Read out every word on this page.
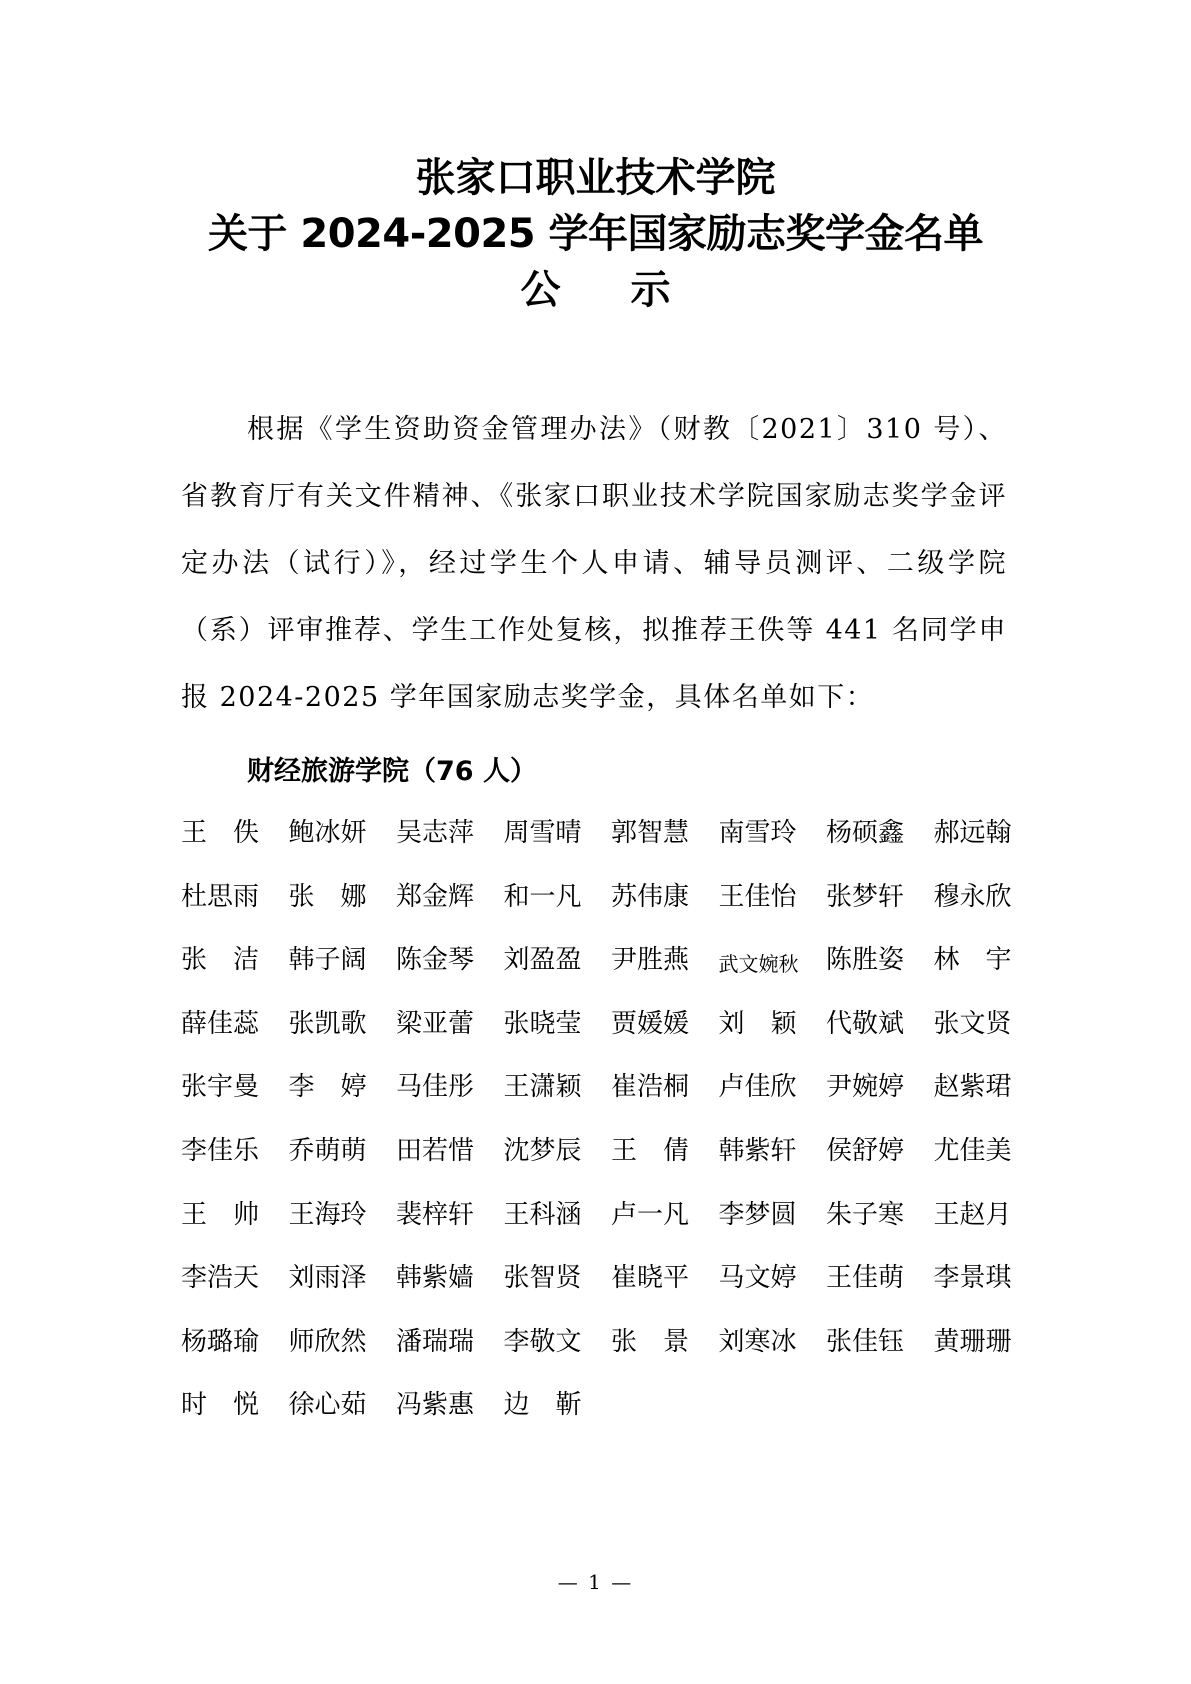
张家口职业技术学院
关于 2024-2025 学年国家励志奖学金名单
公 示
根据《学生资助资金管理办法》（财教〔2021〕310 号）、省教育厅有关文件精神、《张家口职业技术学院国家励志奖学金评定办法（试行）》，经过学生个人申请、辅导员测评、二级学院（系）评审推荐、学生工作处复核，拟推荐王佚等 441 名同学申报 2024-2025 学年国家励志奖学金，具体名单如下：
财经旅游学院（76 人）
王　佚	鲍冰妍	吴志萍	周雪晴	郭智慧	南雪玲	杨硕鑫	郝远翰
杜思雨	张　娜	郑金辉	和一凡	苏伟康	王佳怡	张梦轩	穆永欣
张　洁	韩子阔	陈金琴	刘盈盈	尹胜燕	武文婉秋	陈胜姿	林　宇
薛佳蕊	张凯歌	梁亚蕾	张晓莹	贾媛媛	刘　颖	代敬斌	张文贤
张宇曼	李　婷	马佳彤	王潇颖	崔浩桐	卢佳欣	尹婉婷	赵紫珺
李佳乐	乔萌萌	田若惜	沈梦辰	王　倩	韩紫轩	侯舒婷	尤佳美
王　帅	王海玲	裴梓轩	王科涵	卢一凡	李梦圆	朱子寒	王赵月
李浩天	刘雨泽	韩紫嫱	张智贤	崔晓平	马文婷	王佳萌	李景琪
杨璐瑜	师欣然	潘瑞瑞	李敬文	张　景	刘寒冰	张佳钰	黄珊珊
时　悦	徐心茹	冯紫惠	边　靳
— 1 —
